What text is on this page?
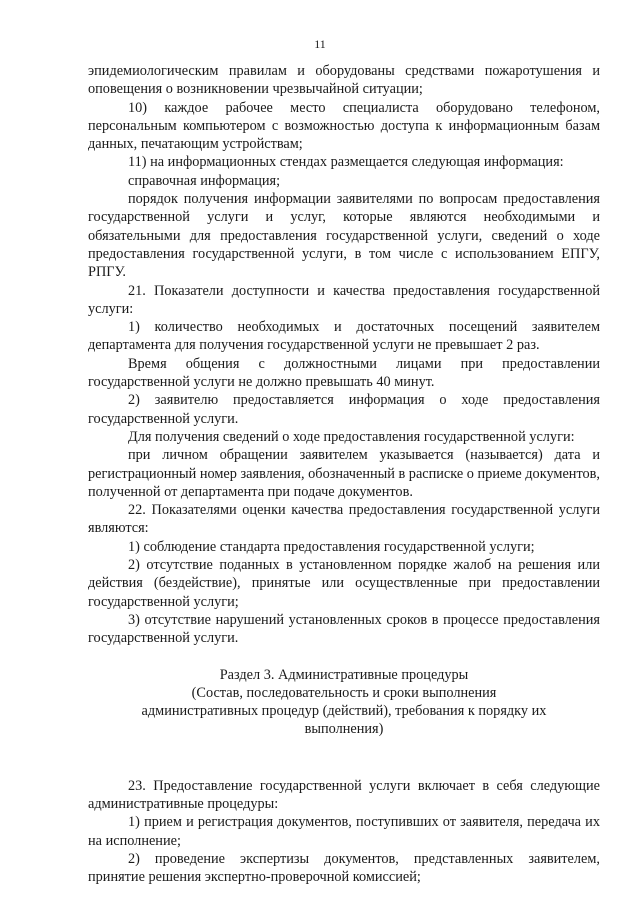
11

эпидемиологическим правилам и оборудованы средствами пожаротушения и оповещения о возникновении чрезвычайной ситуации;

10) каждое рабочее место специалиста оборудовано телефоном, персональным компьютером с возможностью доступа к информационным базам данных, печатающим устройствам;

11) на информационных стендах размещается следующая информация:

справочная информация;

порядок получения информации заявителями по вопросам предоставления государственной услуги и услуг, которые являются необходимыми и обязательными для предоставления государственной услуги, сведений о ходе предоставления государственной услуги, в том числе с использованием ЕПГУ, РПГУ.

21. Показатели доступности и качества предоставления государственной услуги:

1) количество необходимых и достаточных посещений заявителем департамента для получения государственной услуги не превышает 2 раз.

Время общения с должностными лицами при предоставлении государственной услуги не должно превышать 40 минут.

2) заявителю предоставляется информация о ходе предоставления государственной услуги.

Для получения сведений о ходе предоставления государственной услуги:

при личном обращении заявителем указывается (называется) дата и регистрационный номер заявления, обозначенный в расписке о приеме документов, полученной от департамента при подаче документов.

22. Показателями оценки качества предоставления государственной услуги являются:

1) соблюдение стандарта предоставления государственной услуги;

2) отсутствие поданных в установленном порядке жалоб на решения или действия (бездействие), принятые или осуществленные при предоставлении государственной услуги;

3) отсутствие нарушений установленных сроков в процессе предоставления государственной услуги.

Раздел 3. Административные процедуры

(Состав, последовательность и сроки выполнения

административных процедур (действий), требования к порядку их

выполнения)

23. Предоставление государственной услуги включает в себя следующие административные процедуры:

1) прием и регистрация документов, поступивших от заявителя, передача их на исполнение;

2) проведение экспертизы документов, представленных заявителем, принятие решения экспертно-проверочной комиссией;
